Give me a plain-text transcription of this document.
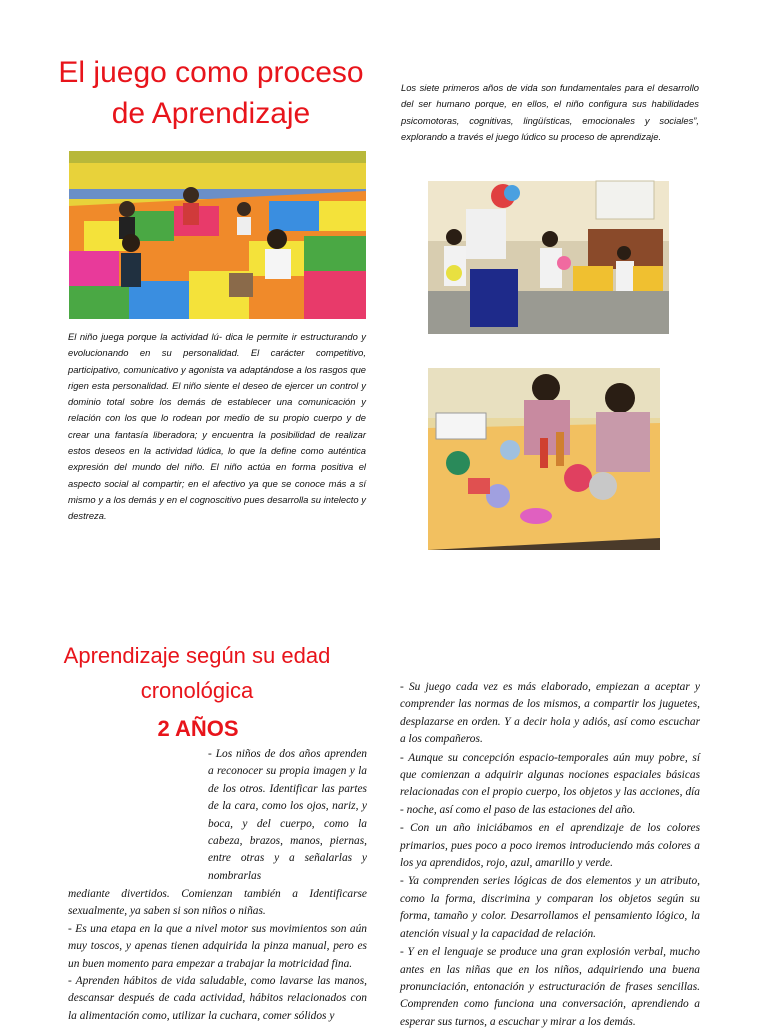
El juego como proceso
de Aprendizaje
Los siete primeros años de vida son fundamentales para el desarrollo del ser humano porque, en ellos, el niño configura sus habilidades psicomotoras, cognitivas, lingüísticas, emocionales y sociales”, explorando a través el juego lúdico su proceso de aprendizaje.
El niño juega porque la actividad lú- dica le permite ir estructurando y evolucionando en su personalidad. El carácter competitivo, participativo, comunicativo y agonista va adaptándose a los rasgos que rigen esta personalidad. El niño siente el deseo de ejercer un control y dominio total sobre los demás de establecer una comunicación y relación con los que lo rodean por medio de su propio cuerpo y de crear una fantasía liberadora; y encuentra la posibilidad de realizar estos deseos en la actividad lúdica, lo que la define como auténtica expresión del mundo del niño. El niño actúa en forma positiva el aspecto social al compartir; en el afectivo ya que se conoce más a sí mismo y a los demás y en el cognoscitivo pues desarrolla su intelecto y destreza.
Aprendizaje según su edad
cronológica
2 AÑOS
- Los niños de dos años aprenden a reconocer su propia imagen y la de los otros. Identificar las partes de la cara, como los ojos, nariz, y boca, y del cuerpo, como la cabeza, brazos, manos, piernas, entre otras y a señalarlas y nombrarlas

mediante divertidos. Comienzan también a Identificarse sexualmente, ya saben si son niños o niñas.

- Es una etapa en la que a nivel motor sus movimientos son aún muy toscos, y apenas tienen adquirida la pinza manual, pero es un buen momento para empezar a trabajar la motricidad fina.

- Aprenden hábitos de vida saludable, como lavarse las manos, descansar después de cada actividad, hábitos relacionados con la alimentación como, utilizar la cuchara, comer sólidos y

- Su juego cada vez es más elaborado, empiezan a aceptar y comprender las normas de los mismos, a compartir los juguetes, desplazarse en orden. Y a decir hola y adiós, así como escuchar a los compañeros.

- Aunque su concepción espacio-temporales aún muy pobre, sí que comienzan a adquirir algunas nociones espaciales básicas relacionadas con el propio cuerpo, los objetos y las acciones, día - noche, así como el paso de las estaciones del año.

- Con un año iniciábamos en el aprendizaje de los colores primarios, pues poco a poco iremos introduciendo más colores a los ya aprendidos, rojo, azul, amarillo y verde.

- Ya comprenden series lógicas de dos elementos y un atributo, como la forma, discrimina y comparan los objetos según su forma, tamaño y color. Desarrollamos el pensamiento lógico, la atención visual y la capacidad de relación.

- Y en el lenguaje se produce una gran explosión verbal, mucho antes en las niñas que en los niños, adquiriendo una buena pronunciación, entonación y estructuración de frases sencillas. Comprenden como funciona una conversación, aprendiendo a esperar sus turnos, a escuchar y mirar a los demás.
